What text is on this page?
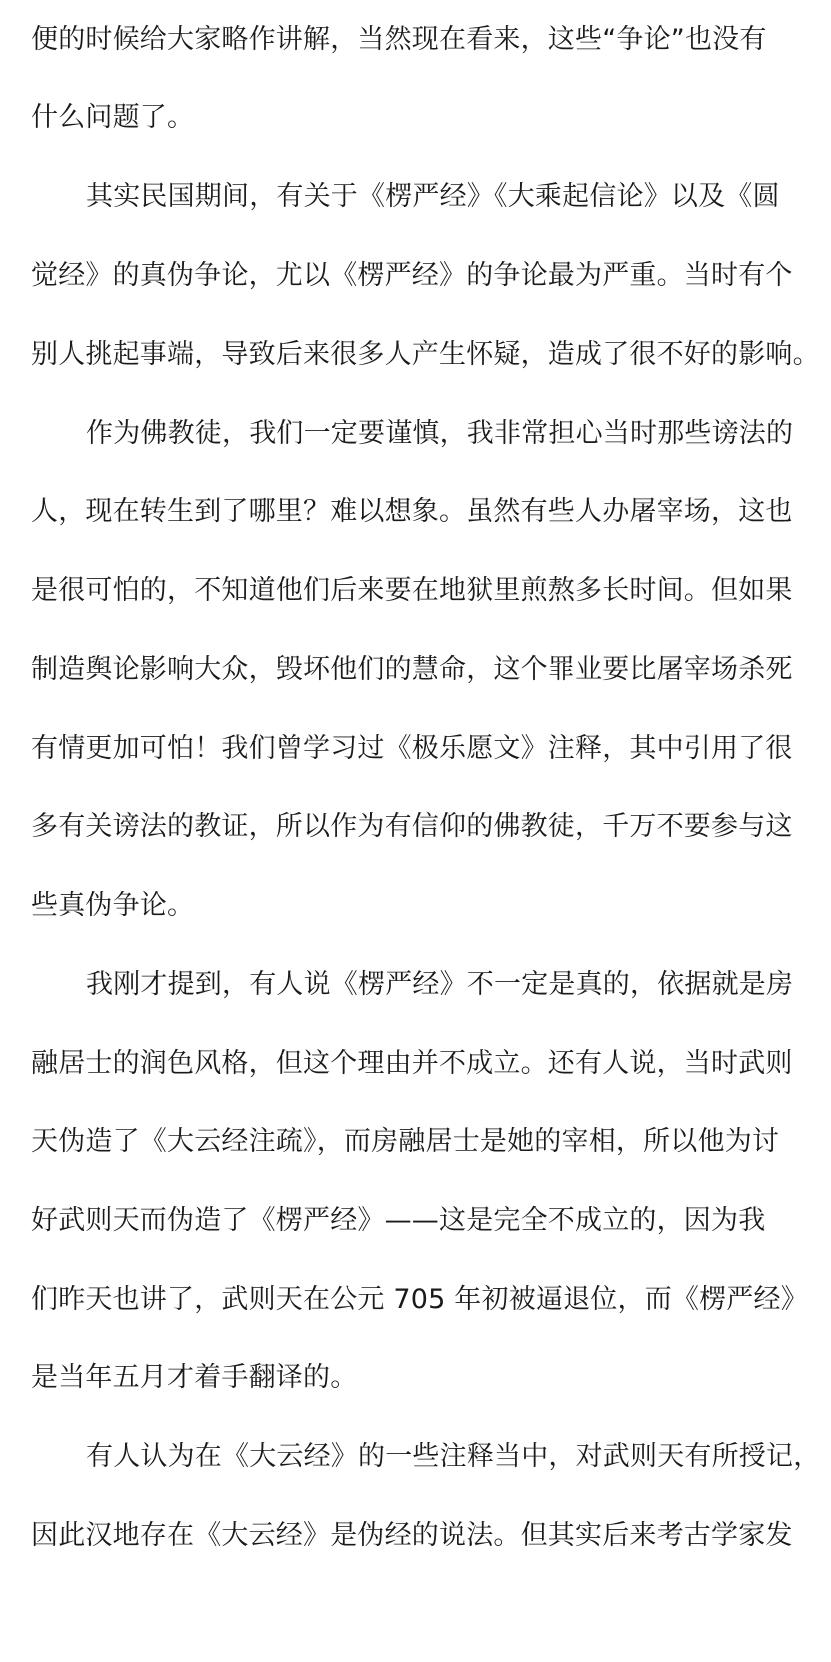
便的时候给大家略作讲解，当然现在看来，这些“争论”也没有
什么问题了。
其实民国期间，有关于《楞严经》《大乘起信论》以及《圆
觉经》的真伪争论，尤以《楞严经》的争论最为严重。当时有个
别人挑起事端，导致后来很多人产生怀疑，造成了很不好的影响。
作为佛教徒，我们一定要谨慎，我非常担心当时那些谤法的
人，现在转生到了哪里？难以想象。虽然有些人办屠宰场，这也
是很可怕的，不知道他们后来要在地狱里煎熬多长时间。但如果
制造舆论影响大众，毁坏他们的慧命，这个罪业要比屠宰场杀死
有情更加可怕！我们曾学习过《极乐愿文》注释，其中引用了很
多有关谤法的教证，所以作为有信仰的佛教徒，千万不要参与这
些真伪争论。
我刚才提到，有人说《楞严经》不一定是真的，依据就是房
融居士的润色风格，但这个理由并不成立。还有人说，当时武则
天伪造了《大云经注疏》，而房融居士是她的宰相，所以他为讨
好武则天而伪造了《楞严经》——这是完全不成立的，因为我
们昨天也讲了，武则天在公元 705 年初被逼退位，而《楞严经》
是当年五月才着手翻译的。
有人认为在《大云经》的一些注释当中，对武则天有所授记，
因此汉地存在《大云经》是伪经的说法。但其实后来考古学家发
